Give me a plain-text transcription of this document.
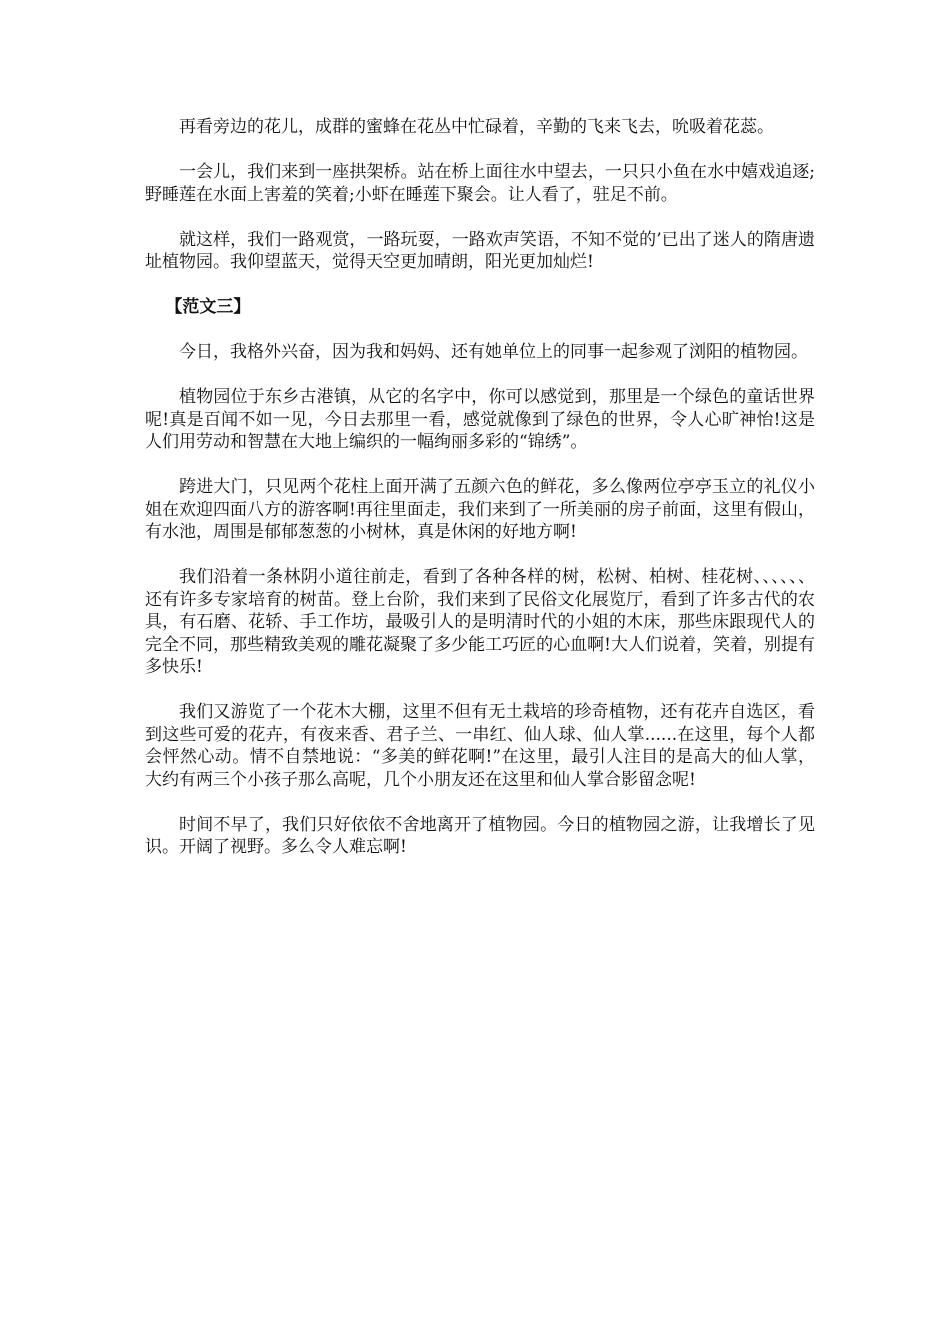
再看旁边的花儿，成群的蜜蜂在花丛中忙碌着，辛勤的飞来飞去，吮吸着花蕊。

一会儿，我们来到一座拱架桥。站在桥上面往水中望去，一只只小鱼在水中嬉戏追逐;野睡莲在水面上害羞的笑着;小虾在睡莲下聚会。让人看了，驻足不前。

就这样，我们一路观赏，一路玩耍，一路欢声笑语，不知不觉的’已出了迷人的隋唐遗址植物园。我仰望蓝天，觉得天空更加晴朗，阳光更加灿烂!

【范文三】

今日，我格外兴奋，因为我和妈妈、还有她单位上的同事一起参观了浏阳的植物园。

植物园位于东乡古港镇，从它的名字中，你可以感觉到，那里是一个绿色的童话世界呢!真是百闻不如一见，今日去那里一看，感觉就像到了绿色的世界，令人心旷神怡!这是人们用劳动和智慧在大地上编织的一幅绚丽多彩的“锦绣”。

跨进大门，只见两个花柱上面开满了五颜六色的鲜花，多么像两位亭亭玉立的礼仪小姐在欢迎四面八方的游客啊!再往里面走，我们来到了一所美丽的房子前面，这里有假山，有水池，周围是郁郁葱葱的小树林，真是休闲的好地方啊!

我们沿着一条林阴小道往前走，看到了各种各样的树，松树、柏树、桂花树、、、、、、还有许多专家培育的树苗。登上台阶，我们来到了民俗文化展览厅，看到了许多古代的农具，有石磨、花轿、手工作坊，最吸引人的是明清时代的小姐的木床，那些床跟现代人的完全不同，那些精致美观的雕花凝聚了多少能工巧匠的心血啊!大人们说着，笑着，别提有多快乐!

我们又游览了一个花木大棚，这里不但有无土栽培的珍奇植物，还有花卉自选区，看到这些可爱的花卉，有夜来香、君子兰、一串红、仙人球、仙人掌......在这里，每个人都会怦然心动。情不自禁地说：“多美的鲜花啊!”在这里，最引人注目的是高大的仙人掌，大约有两三个小孩子那么高呢，几个小朋友还在这里和仙人掌合影留念呢!

时间不早了，我们只好依依不舍地离开了植物园。今日的植物园之游，让我增长了见识。开阔了视野。多么令人难忘啊!
